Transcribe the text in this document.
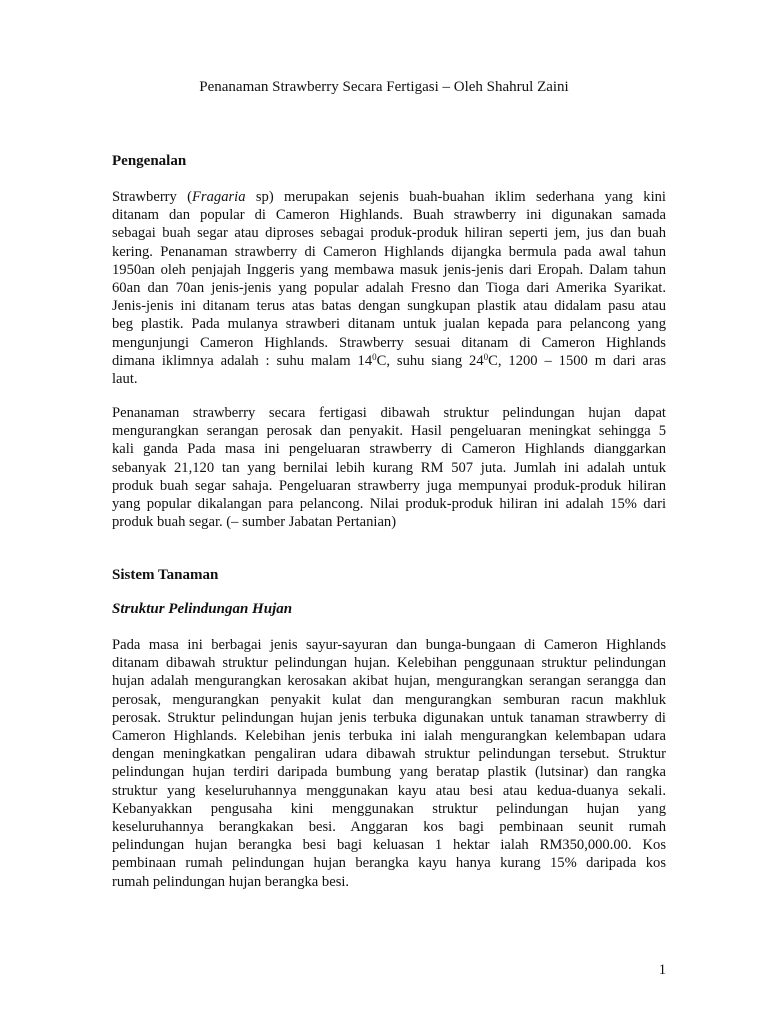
Penanaman Strawberry Secara Fertigasi – Oleh Shahrul Zaini
Pengenalan

Strawberry (Fragaria sp) merupakan sejenis buah-buahan iklim sederhana yang kini
ditanam dan popular di Cameron Highlands. Buah strawberry ini digunakan samada
sebagai buah segar atau diproses sebagai produk-produk hiliran seperti jem, jus dan buah
kering. Penanaman strawberry di Cameron Highlands dijangka bermula pada awal tahun
1950an oleh penjajah Inggeris yang membawa masuk jenis-jenis dari Eropah. Dalam tahun
60an dan 70an jenis-jenis yang popular adalah Fresno dan Tioga dari Amerika Syarikat.
Jenis-jenis ini ditanam terus atas batas dengan sungkupan plastik atau didalam pasu atau
beg plastik. Pada mulanya strawberi ditanam untuk jualan kepada para pelancong yang
mengunjungi Cameron Highlands. Strawberry sesuai ditanam di Cameron Highlands
dimana iklimnya adalah : suhu malam $14^0C$, suhu siang $24^0C$, 1200 – 1500 m dari aras
laut.

Penanaman strawberry secara fertigasi dibawah struktur pelindungan hujan dapat
mengurangkan serangan perosak dan penyakit. Hasil pengeluaran meningkat sehingga 5
kali ganda Pada masa ini pengeluaran strawberry di Cameron Highlands dianggarkan
sebanyak 21,120 tan yang bernilai lebih kurang RM 507 juta. Jumlah ini adalah untuk
produk buah segar sahaja. Pengeluaran strawberry juga mempunyai produk-produk hiliran
yang popular dikalangan para pelancong. Nilai produk-produk hiliran ini adalah 15% dari
produk buah segar. (– sumber Jabatan Pertanian)

Sistem Tanaman
Struktur Pelindungan Hujan

Pada masa ini berbagai jenis sayur-sayuran dan bunga-bungaan di Cameron Highlands
ditanam dibawah struktur pelindungan hujan. Kelebihan penggunaan struktur pelindungan
hujan adalah mengurangkan kerosakan akibat hujan, mengurangkan serangan serangga dan
perosak, mengurangkan penyakit kulat dan mengurangkan semburan racun makhluk
perosak. Struktur pelindungan hujan jenis terbuka digunakan untuk tanaman strawberry di
Cameron Highlands. Kelebihan jenis terbuka ini ialah mengurangkan kelembapan udara
dengan meningkatkan pengaliran udara dibawah struktur pelindungan tersebut. Struktur
pelindungan hujan terdiri daripada bumbung yang beratap plastik (lutsinar) dan rangka
struktur yang keseluruhannya menggunakan kayu atau besi atau kedua-duanya sekali.
Kebanyakkan pengusaha kini menggunakan struktur pelindungan hujan yang
keseluruhannya berangkakan besi. Anggaran kos bagi pembinaan seunit rumah
pelindungan hujan berangka besi bagi keluasan 1 hektar ialah RM350,000.00. Kos
pembinaan rumah pelindungan hujan berangka kayu hanya kurang 15% daripada kos
rumah pelindungan hujan berangka besi.

1
